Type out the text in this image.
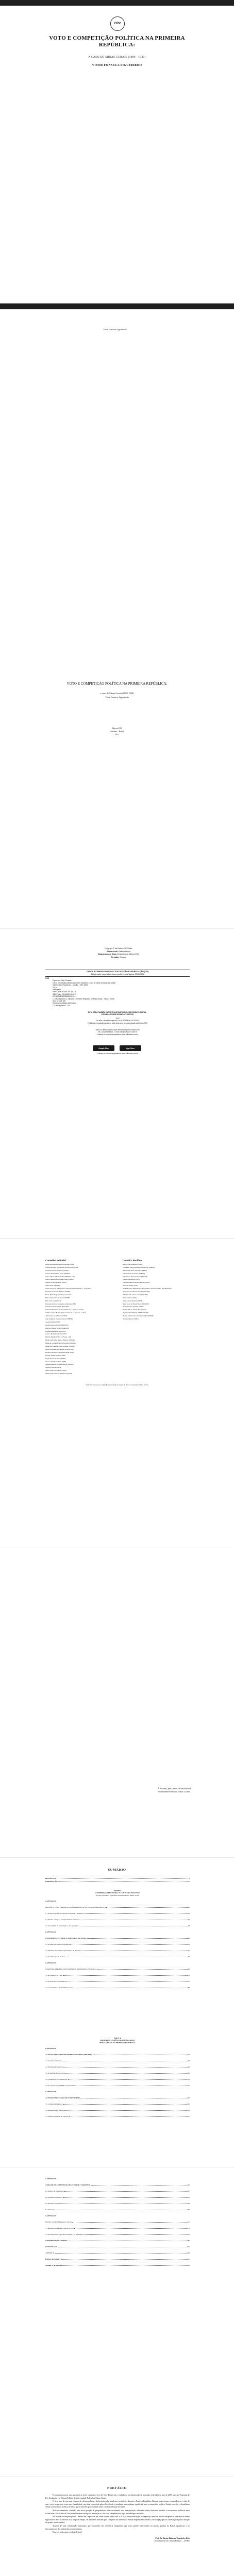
CRV
VOTO E COMPETIÇÃO POLÍTICA NA PRIMEIRA REPÚBLICA:
A CASO DE MINAS GERAIS (1889 - 1930)
VITOR FONSECA FIGUEIREDO
Vitor Fonseca Figueiredo
VOTO E COMPETIÇÃO POLÍTICA NA PRIMEIRA REPÚBLICA:
o caso de Minas Gerais (1889-1930)
Vitor Fonseca Figueiredo
Editora CRV
Curitiba – Brasil
2023
Copyright © da Editora CRV Ltda.
Editor-chefe: Railson Moura
Diagramação e Capa: Designers da Editora CRV
Revisão: O Autor
DADOS INTERNACIONAIS DE CATALOGAÇÃO NA PUBLICAÇÃO (CIP)
Bibliotecária responsável: Luzenira Alves dos Santos CRB9/1506
F475
Figueiredo, Vitor Fonseca.
Voto e competição política na primeira república: o caso de Minas Gerais (1889-1930) /
Vitor Fonseca Figueiredo – Curitiba : CRV, 2023.
210 p.
Bibliografia
ISBN Digital 978-65-251-5113-9
ISBN Físico 978-65-251-5112-2
DOI 10.24824/978652515112.2
1. Ciência política 2. Eleições 3. Primeira República 4. Minas Gerais I. Título II. Série.
CDU 32 CDD 320
Índice para catálogo sistemático
1. Ciência política – 320
ESTA OBRA TAMBÉM ENCONTRA-SE DISPONÍVEL EM FORMATO DIGITAL.
CONHEÇA E BAIXE NOSSO APLICATIVO!
2023
Foi feito o depósito legal conf. Lei nº 10.994 de 14/12/2004
Proibida a reprodução parcial ou total desta obra sem autorização da Editora CRV
Todos os direitos desta edição reservados pela: Editora CRV
Tel.: (41) 3039-6418 – E-mail: sac@editoracrv.com.br
Conheça os nossos lançamentos: www.editoracrv.com.br
Google Play	App Store
Conheça os nossos lançamentos: www.editoracrv.com.br
Conselho Editorial:	Comitê Científico:

Aldira Guimarães Duarte Domínguez (UNB)

Andréia da Silva Quintanilha Sousa (UNIR/UFRN)

Anselmo Alencar Colares (UFOPA)

Antônio Pereira Gaio Júnior (UFRRJ)

Carlos Alberto Vilar Estêvão (UMINHO – PT)

Carlos Federico Domínguez Avila (Unieuro)

Carmen Tereza Velanga (UNIR)

Celso Conti (UFSCar)

Cesar Gerónimo Tello (Univer. Nacional Três de Febrero – Argentina)

Eduardo Fernandes Barbosa (UFMG)

Elione Maria Nogueira Diogenes (UFAL)

Elizeu Clementino de Souza (UNEB)

Élsio José Corá (UFFS)

Fernando Antônio Gonçalves Alcoforado (IPB)

Francisco Carlos Duarte (PUC-PR)

Gloria Fariñas León (Universidade de La Havana – Cuba)

Guillermo Arias Beatón (Universidade de La Havana – Cuba)

Jailson Alves dos Santos (UFRJ)

João Adalberto Campato Junior (UNESP)

Josania Portela (UFPI)

Leonel Severo Rocha (UNISINOS)

Lídia de Oliveira Xavier (UNIEURO)

Lourdes Helena da Silva (UFV)

Luciano Rodrigues Costa (UFV)

Marcelo Paixão (UFRJ e UTexas – US)

Maria Cristina dos Santos Bezerra (UFSCar)

Maria de Lourdes Pinto de Almeida (UNOESC)

Maria Lília Imbiriba Sousa Colares (UFOPA)

Paulo Romualdo Hernandes (UNIFAL-MG)

Renato Francisco dos Santos Paula (UFG)

Rodrigo Pratte-Santos (UFES)

Sérgio Nunes de Jesus (IFRO)

Simone Rodrigues Pinto (UNB)

Solange Helena Ximenes-Rocha (UFOPA)

Sydione Santos (UEPG)

Tadeu Oliver Gonçalves (UFPA)

Tania Suely Azevedo Brasileiro (UFOPA)

Andrea Vieira Zanella (UFSC)

Christiane Carrijo Eckhardt Mouammar (UNESP)

Edna Lúcia Tinoco Ponciano (UERJ)

Edson Olivari de Castro (UNESP)

Érico Bruno Viana Campos (UNESP)

Fauston Negreiros (UFPI)

Francisco Nilton Gomes Oliveira (UFSM)

Helmuth Krüger (UCP)

Ilana Mountian (Manchester Metropolitan University, MMU, Grã-Bretanha)

Jacqueline de Oliveira Moreira (PUC-SP)

João Ricardo Lebert Cozac (PUC-SP)

Marcelo Porto (UEG)

Marcia Alves Tassinari (USU)

Maria Alves de Toledo Bruns (FFCLRP)

Mariana Lopez Teixeira (UFSC)

Monilly Ramos Araujo Melo (UFCG)

Olga Ceciliato Mattioli (ASSIS/UNESP)

Regina Célia Faria Amaro Giora (MACKENZIE)

Virgínia Kastrup (UFRJ)

Este livro passou por avaliação e aprovação às cegas de dois ou mais pareceristas ad hoc.
À Juliana, pelo amor incondicional
e companheirismo de todos os dias.
SUMÁRIO
PREFÁCIO	9
INTRODUÇÃO	13
PARTE I
COMPETIÇÃO ELEITORAL E CONTEXTO POLÍTICO
eleições, partidos e engenharia institucional em Minas Gerais
CAPÍTULO 1
ELEIÇÕES, VOTO E REPRESENTAÇÃO POLÍTICA NA PRIMEIRA REPÚBLICA	29
1.1 A historiografia das eleições na Primeira República	31
1.2 Fraude, coerção e comparecimento eleitoral	37
1.3 O problema da competição e das oposições	43
CAPÍTULO 2
O SISTEMA ELEITORAL E AS REGRAS DO JOGO	49
2.1 A legislação eleitoral republicana	51
2.2 Distritos eleitorais e representação da minoria	57
2.3 A verificação de poderes	63
CAPÍTULO 3
O PARTIDO REPUBLICANO MINEIRO E A DINÂMICA ESTADUAL	69
3.1 A formação do PRM	71
3.2 A Tarasca e as dissidências	77
3.3 Coronelismo e mandonismo local	83
PARTE II
PRIMEIRAS EVIDÊNCIAS EMPÍRICAS DE
MINAS GERAIS NA PRIMEIRA REPÚBLICA
CAPÍTULO 4
AS ELEIÇÕES FEDERAIS EM MINAS GERAIS (1894-1930)	91
4.1 Os dados eleitorais	93
4.2 Participação eleitoral	99
4.3 A distribuição dos votos	105
4.4 Competição e concentração	111
4.5 A votação dos candidatos oposicionistas	117
CAPÍTULO 5
AS ELEIÇÕES ESTADUAIS E MUNICIPAIS	123
5.1 O eleitorado mineiro	125
5.2 Resultados por distrito	131
5.3 Padrões regionais de votação	137
CAPÍTULO 6
ANÁLISE DA COMPETIÇÃO ELEITORAL: VARIÁVEIS	145
6.1 Índices de competição	147
6.2 Modelos estatísticos	153
6.3 Resultados	159
6.4 Discussão	165
CAPÍTULO 7
ELITES, CLIENTELISMO E VOTO	171
7.1 Recursos políticos e controle do voto	173
7.2 A relação entre o governo estadual e os municípios	179
CONSIDERAÇÕES FINAIS	185
REFERÊNCIAS	191
APÊNDICE	199
ÍNDICE REMISSIVO	205
SOBRE O AUTOR	209
PREFÁCIO

É com muito prazer que apresento ao leitor o primeiro livro de Vitor Figueiredo, resultado de sua dissertação de mestrado, defendida no ano de 2019 junto ao Programa de Pós-Graduação em Ciência Política da Universidade Federal de Minas Gerais.

O livro trata de um tema clássico da ciência política e da historiografia brasileiras: as eleições durante a Primeira República. Durante muito tempo, consolidou-se a visão de que o voto, no período, seria mera formalidade, um ritual controlado pelas elites locais e estaduais, sem qualquer significado para a competição política. Fraude, coerção e clientelismo seriam as marcas do sistema, de modo que as eleições pouco diriam sobre a real distribuição de poder.

Mais recentemente, contudo, uma nova geração de pesquisadores vem revisitando essa interpretação, utilizando dados eleitorais inéditos e ferramentas analíticas mais sofisticadas. O trabalho de Vitor se insere nesse esforço de renovação e o faz com competência e rigor metodológico notáveis.

Ao analisar as eleições para a Câmara dos Deputados em Minas Gerais entre 1894 e 1930, o autor mostra que a competição eleitoral não era desprezível e variava de forma significativa entre os distritos e ao longo do tempo. Os resultados indicam que, a despeito do domínio do Partido Republicano Mineiro, havia espaço para a contestação e para a atuação de grupos oposicionistas.

Trata-se de uma contribuição importante, que certamente será referência obrigatória para todos aqueles interessados na história política do Brasil republicano e no funcionamento das instituições representativas.

Desejo a todos uma excelente leitura!

Prof. Dr. Bruno Pinheiro Wanderley Reis
Departamento de Ciência Política — UFMG
